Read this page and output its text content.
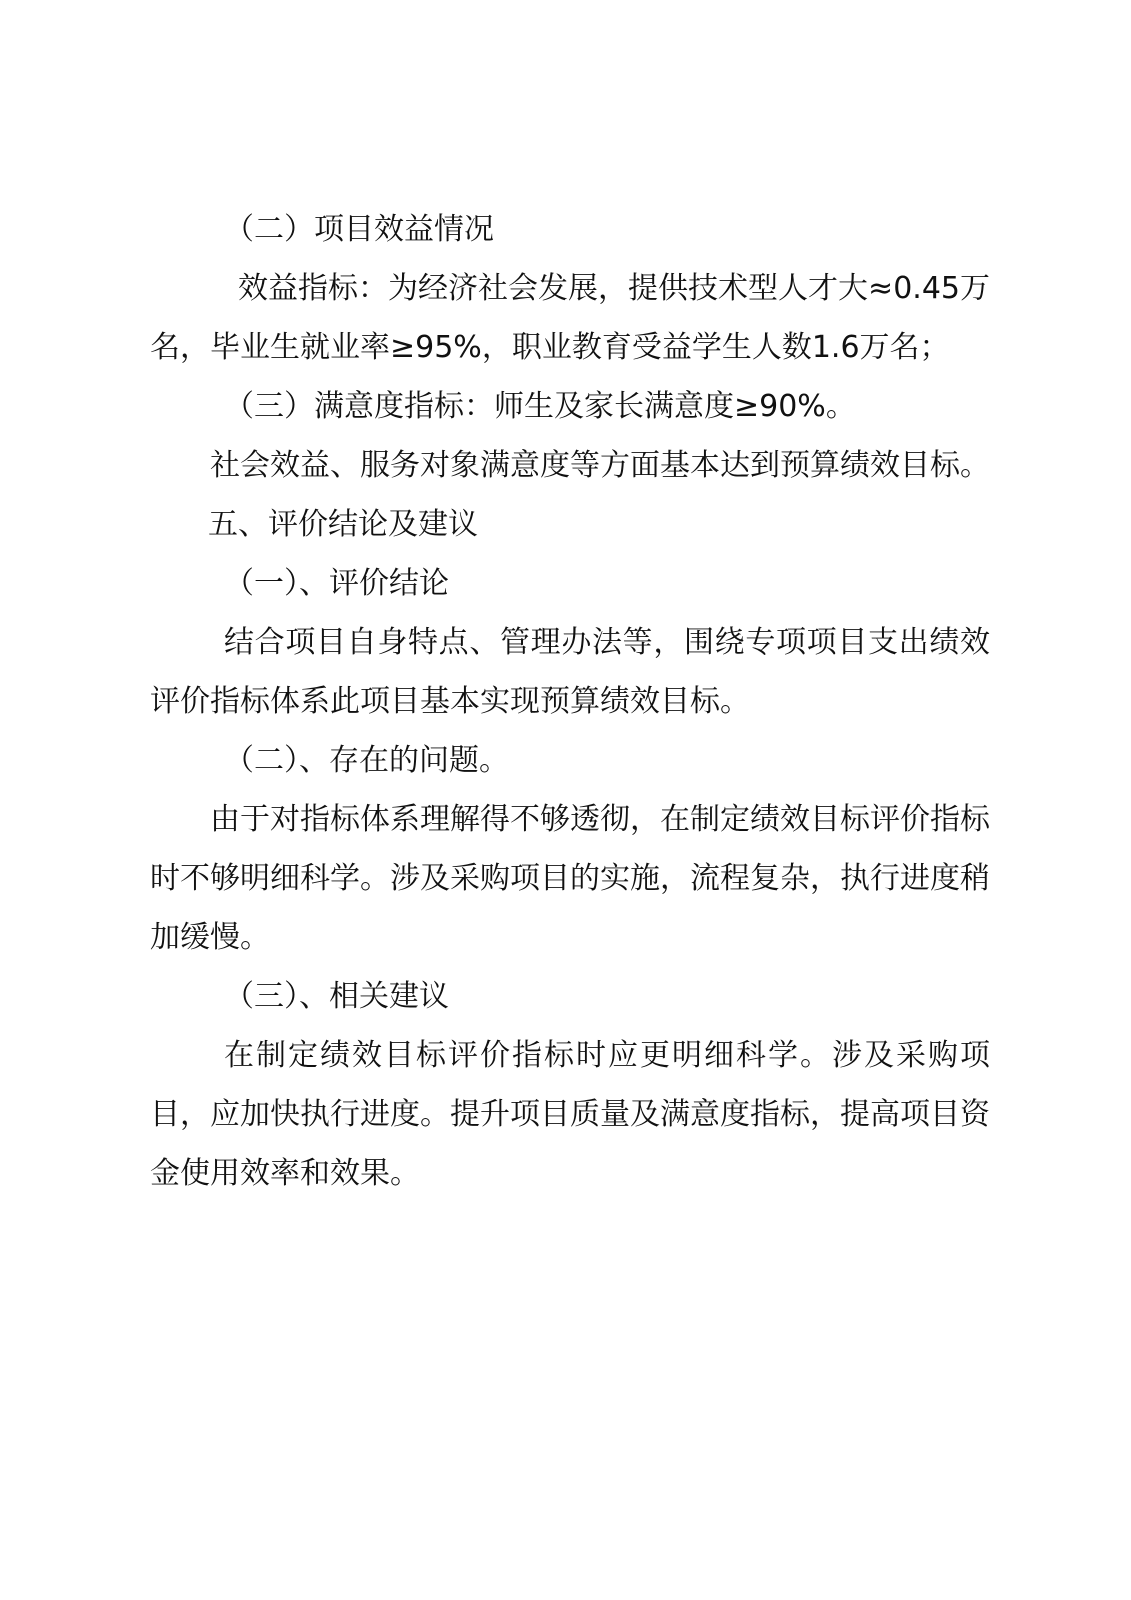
（二）项目效益情况

效益指标：为经济社会发展，提供技术型人才大≈0.45万名，毕业生就业率≥95%，职业教育受益学生人数1.6万名；

（三）满意度指标：师生及家长满意度≥90%。

社会效益、服务对象满意度等方面基本达到预算绩效目标。

五、评价结论及建议

（一）、评价结论

结合项目自身特点、管理办法等，围绕专项项目支出绩效评价指标体系此项目基本实现预算绩效目标。

（二）、存在的问题。

由于对指标体系理解得不够透彻，在制定绩效目标评价指标时不够明细科学。涉及采购项目的实施，流程复杂，执行进度稍加缓慢。

（三）、相关建议

在制定绩效目标评价指标时应更明细科学。涉及采购项目，应加快执行进度。提升项目质量及满意度指标，提高项目资金使用效率和效果。
